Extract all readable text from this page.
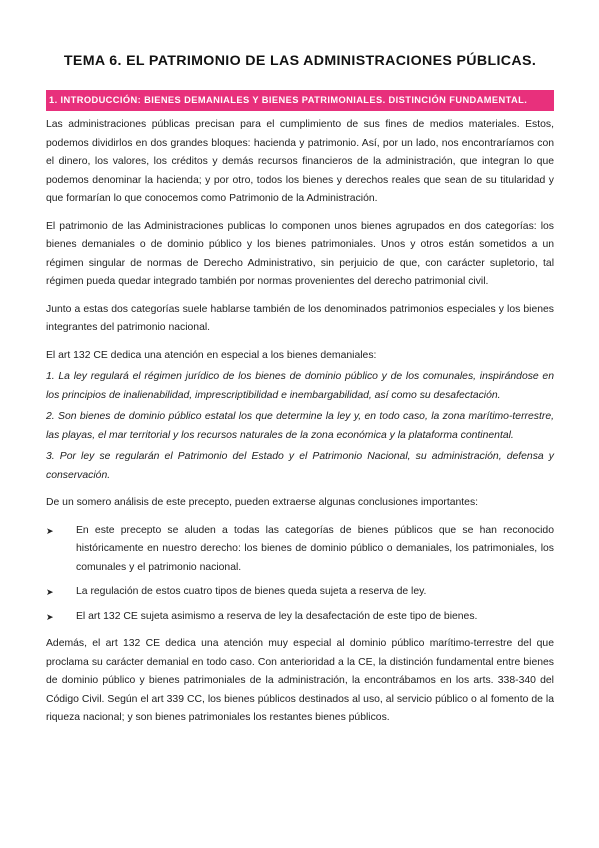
TEMA 6. EL PATRIMONIO DE LAS ADMINISTRACIONES PÚBLICAS.
1. INTRODUCCIÓN: BIENES DEMANIALES Y BIENES PATRIMONIALES. DISTINCIÓN FUNDAMENTAL.

Las administraciones públicas precisan para el cumplimiento de sus fines de medios materiales. Estos, podemos dividirlos en dos grandes bloques: hacienda y patrimonio. Así, por un lado, nos encontraríamos con el dinero, los valores, los créditos y demás recursos financieros de la administración, que integran lo que podemos denominar la hacienda; y por otro, todos los bienes y derechos reales que sean de su titularidad y que formarían lo que conocemos como Patrimonio de la Administración.

El patrimonio de las Administraciones publicas lo componen unos bienes agrupados en dos categorías: los bienes demaniales o de dominio público y los bienes patrimoniales. Unos y otros están sometidos a un régimen singular de normas de Derecho Administrativo, sin perjuicio de que, con carácter supletorio, tal régimen pueda quedar integrado también por normas provenientes del derecho patrimonial civil.

Junto a estas dos categorías suele hablarse también de los denominados patrimonios especiales y los bienes integrantes del patrimonio nacional.

El art 132 CE dedica una atención en especial a los bienes demaniales:

1. La ley regulará el régimen jurídico de los bienes de dominio público y de los comunales, inspirándose en los principios de inalienabilidad, imprescriptibilidad e inembargabilidad, así como su desafectación.

2. Son bienes de dominio público estatal los que determine la ley y, en todo caso, la zona marítimo-terrestre, las playas, el mar territorial y los recursos naturales de la zona económica y la plataforma continental.

3. Por ley se regularán el Patrimonio del Estado y el Patrimonio Nacional, su administración, defensa y conservación.

De un somero análisis de este precepto, pueden extraerse algunas conclusiones importantes:

➤ En este precepto se aluden a todas las categorías de bienes públicos que se han reconocido históricamente en nuestro derecho: los bienes de dominio público o demaniales, los patrimoniales, los comunales y el patrimonio nacional.
➤ La regulación de estos cuatro tipos de bienes queda sujeta a reserva de ley.
➤ El art 132 CE sujeta asimismo a reserva de ley la desafectación de este tipo de bienes.

Además, el art 132 CE dedica una atención muy especial al dominio público marítimo-terrestre del que proclama su carácter demanial en todo caso. Con anterioridad a la CE, la distinción fundamental entre bienes de dominio público y bienes patrimoniales de la administración, la encontrábamos en los arts. 338-340 del Código Civil. Según el art 339 CC, los bienes públicos destinados al uso, al servicio público o al fomento de la riqueza nacional; y son bienes patrimoniales los restantes bienes públicos.
